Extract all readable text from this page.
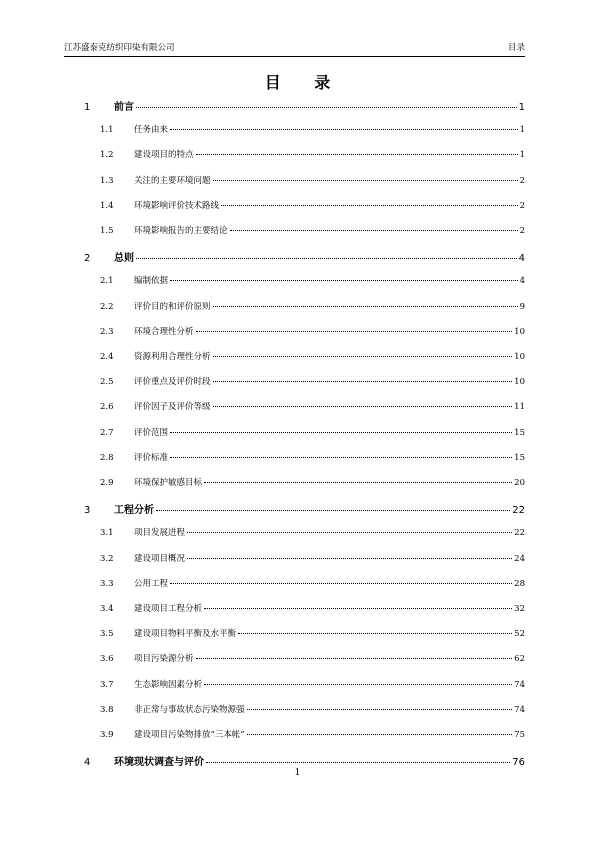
江苏盛泰克纺织印染有限公司	目录
目 录
1	前言	1
1.1	任务由来	1
1.2	建设项目的特点	1
1.3	关注的主要环境问题	2
1.4	环境影响评价技术路线	2
1.5	环境影响报告的主要结论	2
2	总则	4
2.1	编制依据	4
2.2	评价目的和评价原则	9
2.3	环境合理性分析	10
2.4	资源利用合理性分析	10
2.5	评价重点及评价时段	10
2.6	评价因子及评价等级	11
2.7	评价范围	15
2.8	评价标准	15
2.9	环境保护敏感目标	20
3	工程分析	22
3.1	项目发展进程	22
3.2	建设项目概况	24
3.3	公用工程	28
3.4	建设项目工程分析	32
3.5	建设项目物料平衡及水平衡	52
3.6	项目污染源分析	62
3.7	生态影响因素分析	74
3.8	非正常与事故状态污染物源强	74
3.9	建设项目污染物排放“三本帐”	75
4	环境现状调查与评价	76
1
